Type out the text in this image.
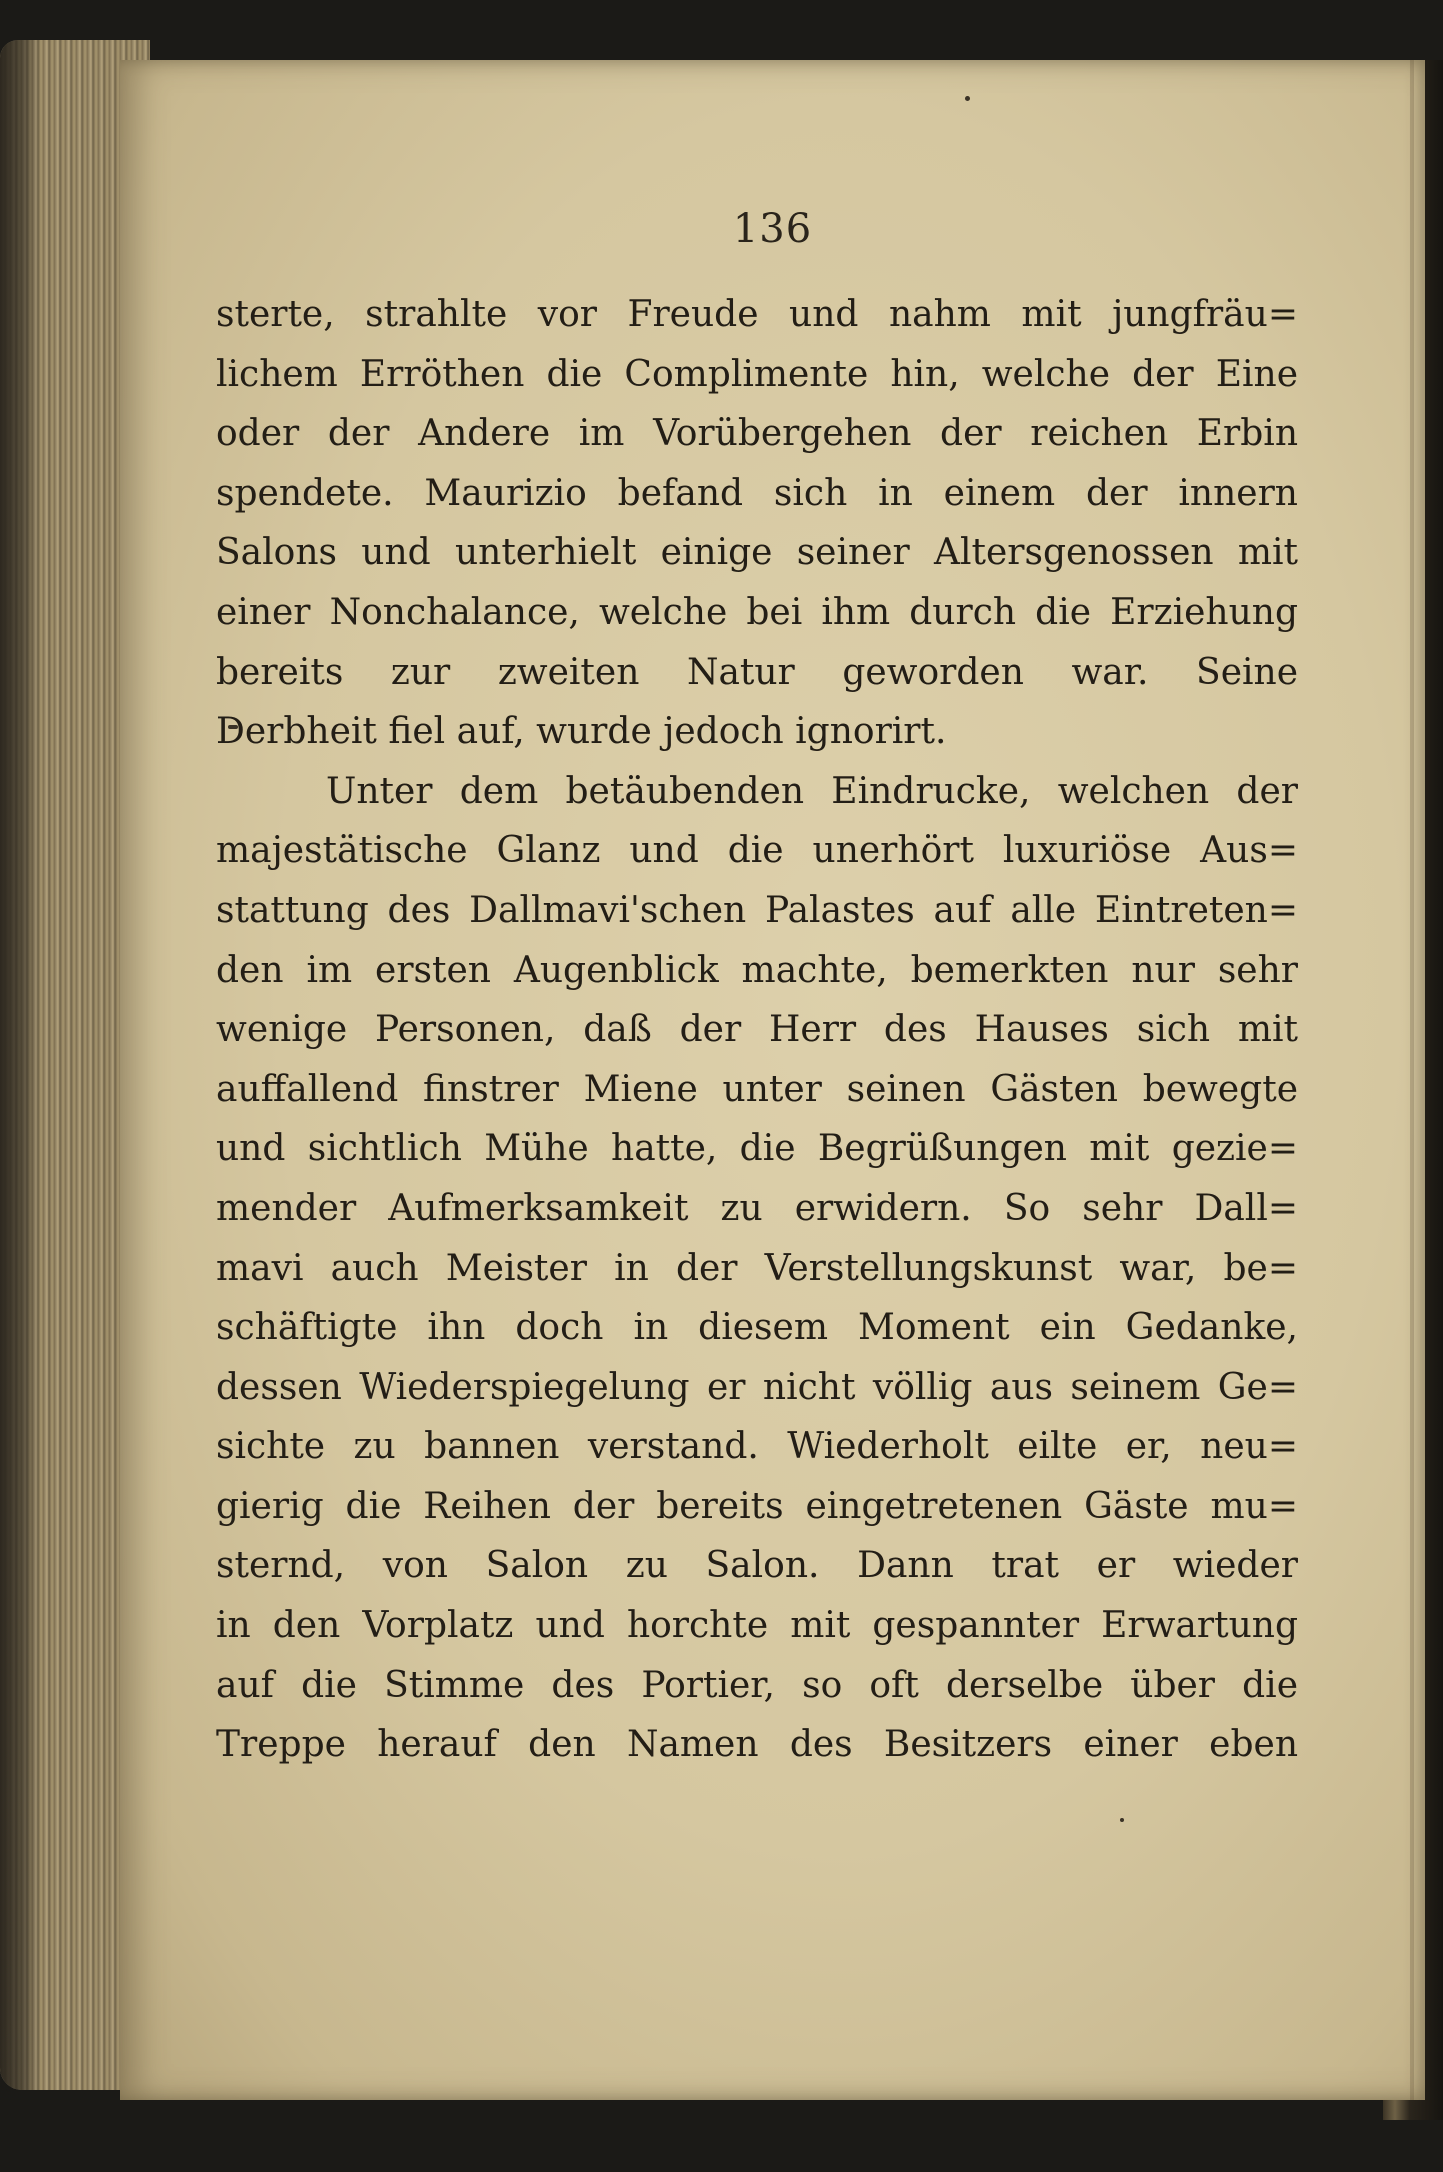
136

sterte, strahlte vor Freude und nahm mit jungfräu=

lichem Erröthen die Complimente hin, welche der Eine

oder der Andere im Vorübergehen der reichen Erbin

spendete. Maurizio befand sich in einem der innern

Salons und unterhielt einige seiner Altersgenossen mit

einer Nonchalance, welche bei ihm durch die Erziehung

bereits zur zweiten Natur geworden war. Seine

Derbheit fiel auf, wurde jedoch ignorirt.

Unter dem betäubenden Eindrucke, welchen der

majestätische Glanz und die unerhört luxuriöse Aus=

stattung des Dallmavi'schen Palastes auf alle Eintreten=

den im ersten Augenblick machte, bemerkten nur sehr

wenige Personen, daß der Herr des Hauses sich mit

auffallend finstrer Miene unter seinen Gästen bewegte

und sichtlich Mühe hatte, die Begrüßungen mit gezie=

mender Aufmerksamkeit zu erwidern. So sehr Dall=

mavi auch Meister in der Verstellungskunst war, be=

schäftigte ihn doch in diesem Moment ein Gedanke,

dessen Wiederspiegelung er nicht völlig aus seinem Ge=

sichte zu bannen verstand. Wiederholt eilte er, neu=

gierig die Reihen der bereits eingetretenen Gäste mu=

sternd, von Salon zu Salon. Dann trat er wieder

in den Vorplatz und horchte mit gespannter Erwartung

auf die Stimme des Portier, so oft derselbe über die

Treppe herauf den Namen des Besitzers einer eben
